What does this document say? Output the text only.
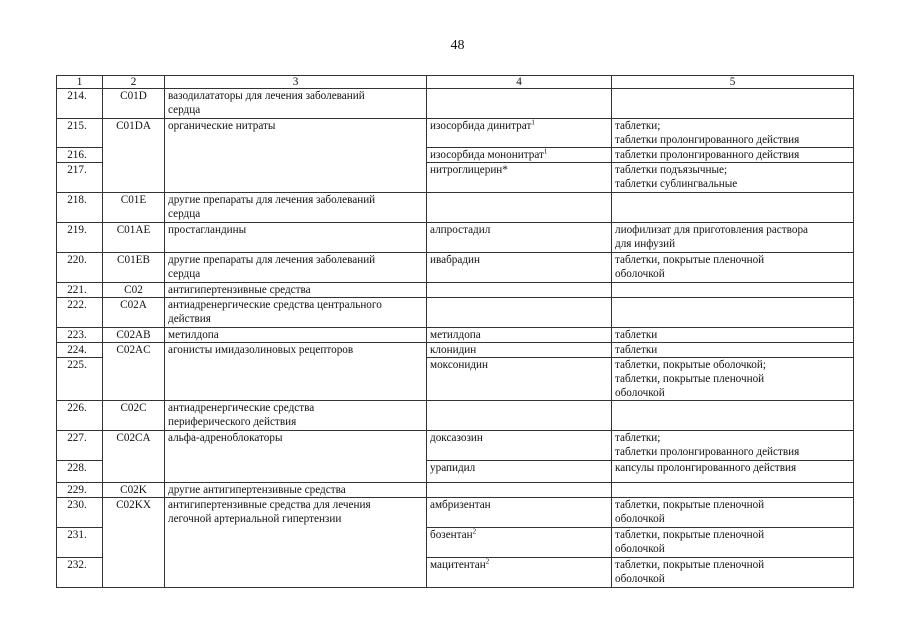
48
1	2	3	4	5
214.	C01D	вазодилататоры для лечения заболеваний
сердца		

215.	C01DA	органические нитраты	изосорбида динитрат$^1$	таблетки;
таблетки пролонгированного действия

216.			изосорбида мононитрат$^1$	таблетки пролонгированного действия

217.			нитроглицерин*	таблетки подъязычные;
таблетки сублингвальные

218.	C01E	другие препараты для лечения заболеваний
сердца		

219.	C01AE	простагландины	алпростадил	лиофилизат для приготовления раствора
для инфузий

220.	C01EB	другие препараты для лечения заболеваний
сердца	ивабрадин	таблетки, покрытые пленочной
оболочкой

221.	C02	антигипертензивные средства		

222.	C02A	антиадренергические средства центрального
действия		

223.	C02AB	метилдопа	метилдопа	таблетки

224.	C02AC	агонисты имидазолиновых рецепторов	клонидин	таблетки

225.			моксонидин	таблетки, покрытые оболочкой;
таблетки, покрытые пленочной
оболочкой

226.	C02C	антиадренергические средства
периферического действия		

227.	C02CA	альфа-адреноблокаторы	доксазозин	таблетки;
таблетки пролонгированного действия

228.			урапидил	капсулы пролонгированного действия

229.	C02K	другие антигипертензивные средства		

230.	C02KX	антигипертензивные средства для лечения
легочной артериальной гипертензии	амбризентан	таблетки, покрытые пленочной
оболочкой

231.			бозентан$^2$	таблетки, покрытые пленочной
оболочкой

232.			мацитентан$^2$	таблетки, покрытые пленочной
оболочкой
